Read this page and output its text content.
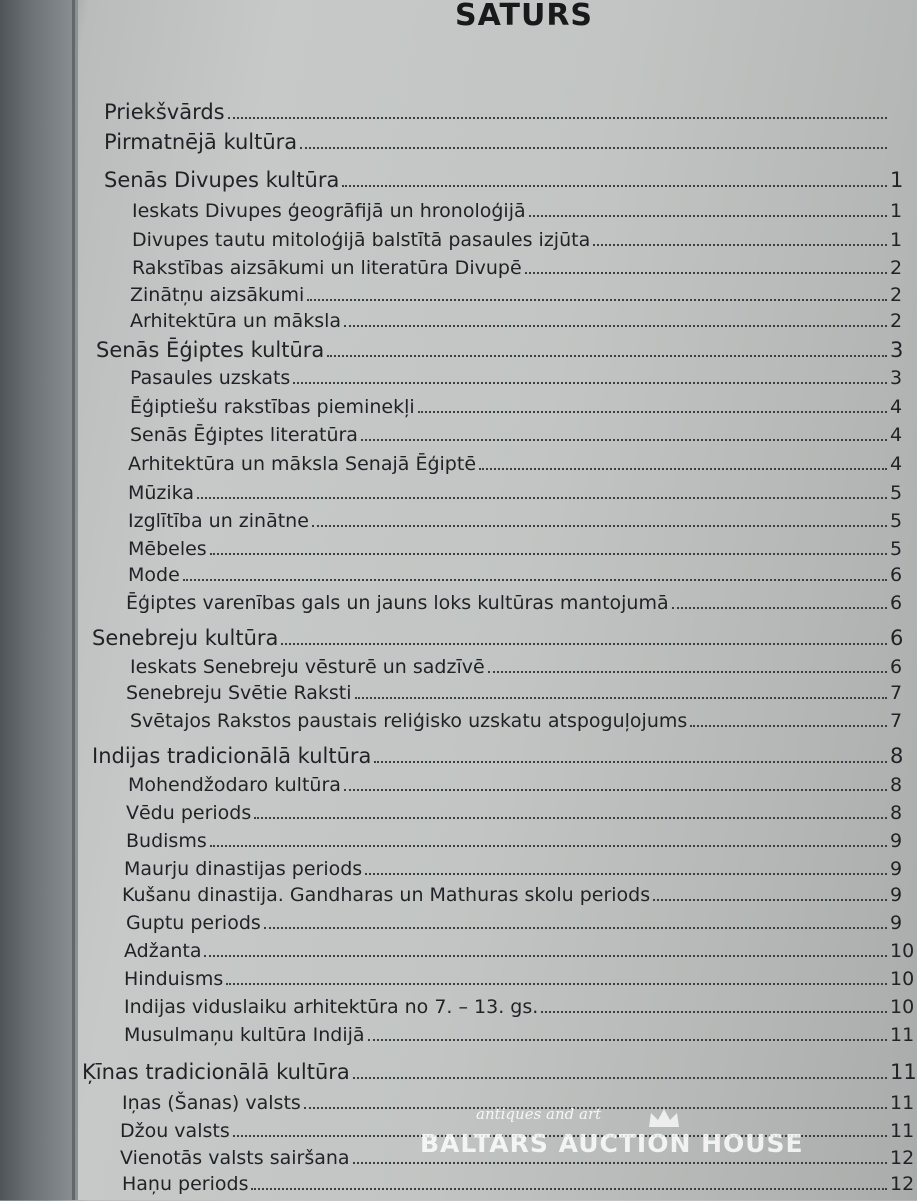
SATURS
Priekšvārds
Pirmatnējā kultūra
Senās Divupes kultūra	1
Ieskats Divupes ģeogrāfijā un hronoloģijā	1
Divupes tautu mitoloģijā balstītā pasaules izjūta	1
Rakstības aizsākumi un literatūra Divupē	2
Zinātņu aizsākumi	2
Arhitektūra un māksla	2
Senās Ēģiptes kultūra	3
Pasaules uzskats	3
Ēģiptiešu rakstības pieminekļi	4
Senās Ēģiptes literatūra	4
Arhitektūra un māksla Senajā Ēģiptē	4
Mūzika	5
Izglītība un zinātne	5
Mēbeles	5
Mode	6
Ēģiptes varenības gals un jauns loks kultūras mantojumā	6
Senebreju kultūra	6
Ieskats Senebreju vēsturē un sadzīvē	6
Senebreju Svētie Raksti	7
Svētajos Rakstos paustais reliģisko uzskatu atspoguļojums	7
Indijas tradicionālā kultūra	8
Mohendžodaro kultūra	8
Vēdu periods	8
Budisms	9
Maurju dinastijas periods	9
Kušanu dinastija. Gandharas un Mathuras skolu periods	9
Guptu periods	9
Adžanta	10
Hinduisms	10
Indijas viduslaiku arhitektūra no 7. – 13. gs.	10
Musulmaņu kultūra Indijā	11
Ķīnas tradicionālā kultūra	11
Iņas (Šanas) valsts	11
Džou valsts	11
Vienotās valsts sairšana	12
Haņu periods	12
antiques and art
BALTARS AUCTION HOUSE
